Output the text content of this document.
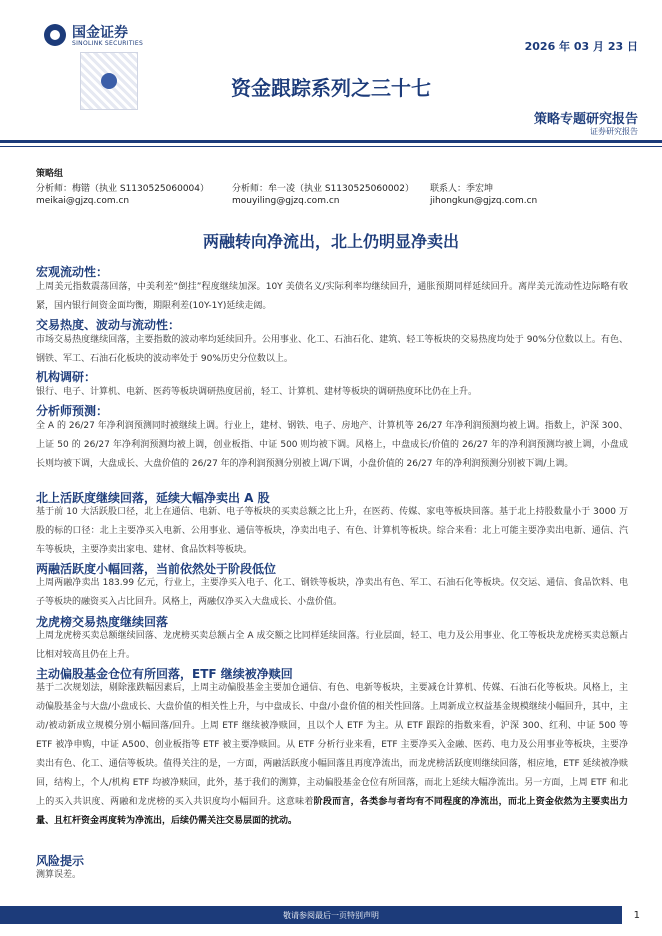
国金证券
SINOLINK SECURITIES	2026 年 03 月 23 日
资金跟踪系列之三十七
策略专题研究报告
证券研究报告
策略组
分析师：梅锴（执业 S1130525060004）
meikai@gjzq.com.cn
分析师：牟一凌（执业 S1130525060002）
mouyiling@gjzq.com.cn
联系人：季宏坤
jihongkun@gjzq.com.cn
两融转向净流出，北上仍明显净卖出
宏观流动性：
上周美元指数震荡回落，中美利差“倒挂”程度继续加深。10Y 美债名义/实际利率均继续回升，通胀预期同样延续回升。离岸美元流动性边际略有收紧，国内银行间资金面均衡，期限利差(10Y-1Y)延续走阔。
交易热度、波动与流动性：
市场交易热度继续回落，主要指数的波动率均延续回升。公用事业、化工、石油石化、建筑、轻工等板块的交易热度均处于 90%分位数以上。有色、钢铁、军工、石油石化板块的波动率处于 90%历史分位数以上。
机构调研：
银行、电子、计算机、电新、医药等板块调研热度居前，轻工、计算机、建材等板块的调研热度环比仍在上升。
分析师预测：
全 A 的 26/27 年净利润预测同时被继续上调。行业上，建材、钢铁、电子、房地产、计算机等 26/27 年净利润预测均被上调。指数上，沪深 300、上证 50 的 26/27 年净利润预测均被上调，创业板指、中证 500 则均被下调。风格上，中盘成长/价值的 26/27 年的净利润预测均被上调，小盘成长则均被下调，大盘成长、大盘价值的 26/27 年的净利润预测分别被上调/下调，小盘价值的 26/27 年的净利润预测分别被下调/上调。
北上活跃度继续回落，延续大幅净卖出 A 股
基于前 10 大活跃股口径，北上在通信、电新、电子等板块的买卖总额之比上升，在医药、传媒、家电等板块回落。基于北上持股数量小于 3000 万股的标的口径：北上主要净买入电新、公用事业、通信等板块，净卖出电子、有色、计算机等板块。综合来看：北上可能主要净卖出电新、通信、汽车等板块，主要净卖出家电、建材、食品饮料等板块。
两融活跃度小幅回落，当前依然处于阶段低位
上周两融净卖出 183.99 亿元，行业上，主要净买入电子、化工、钢铁等板块，净卖出有色、军工、石油石化等板块。仅交运、通信、食品饮料、电子等板块的融资买入占比回升。风格上，两融仅净买入大盘成长、小盘价值。
龙虎榜交易热度继续回落
上周龙虎榜买卖总额继续回落、龙虎榜买卖总额占全 A 成交额之比同样延续回落。行业层面，轻工、电力及公用事业、化工等板块龙虎榜买卖总额占比相对较高且仍在上升。
主动偏股基金仓位有所回落，ETF 继续被净赎回
基于二次规划法，剔除涨跌幅因素后，上周主动偏股基金主要加仓通信、有色、电新等板块，主要减仓计算机、传媒、石油石化等板块。风格上，主动偏股基金与大盘/小盘成长、大盘价值的相关性上升，与中盘成长、中盘/小盘价值的相关性回落。上周新成立权益基金规模继续小幅回升，其中，主动/被动新成立规模分别小幅回落/回升。上周 ETF 继续被净赎回，且以个人 ETF 为主。从 ETF 跟踪的指数来看，沪深 300、红利、中证 500 等 ETF 被净申购，中证 A500、创业板指等 ETF 被主要净赎回。从 ETF 分析行业来看，ETF 主要净买入金融、医药、电力及公用事业等板块，主要净卖出有色、化工、通信等板块。值得关注的是，一方面，两融活跃度小幅回落且再度净流出，而龙虎榜活跃度则继续回落，相应地，ETF 延续被净赎回，结构上，个人/机构 ETF 均被净赎回，此外，基于我们的测算，主动偏股基金仓位有所回落，而北上延续大幅净流出。另一方面，上周 ETF 和北上的买入共识度、两融和龙虎榜的买入共识度均小幅回升。这意味着阶段而言，各类参与者均有不同程度的净流出，而北上资金依然为主要卖出力量、且杠杆资金再度转为净流出，后续仍需关注交易层面的扰动。
风险提示
测算误差。
敬请参阅最后一页特别声明	1
